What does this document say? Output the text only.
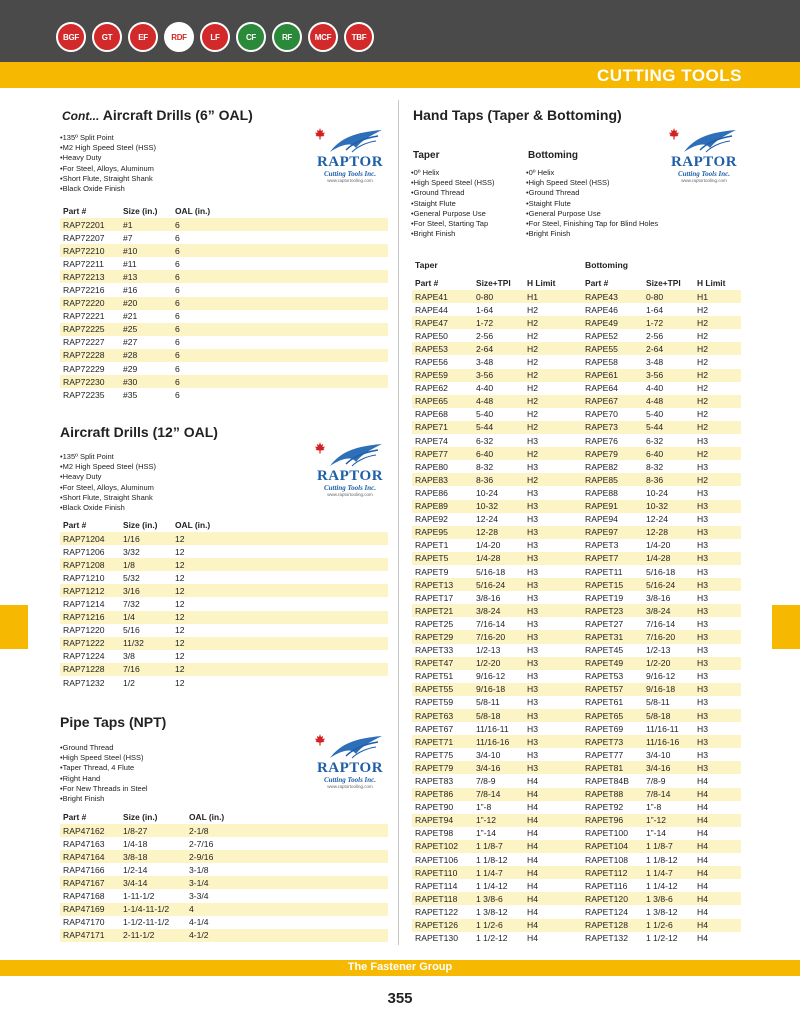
BGF	GT	EF	RDF	LF	CF	RF	MCF	TBF
CUTTING TOOLS
Cont... Aircraft Drills (6” OAL)
• 135º Split Point
• M2 High Speed Steel (HSS)
• Heavy Duty
• For Steel, Alloys, Aluminum
• Short Flute, Straight Shank
• Black Oxide Finish
RAPTOR
Cutting Tools Inc.
www.raptortooling.com
Part #	Size (in.)	OAL (in.)
RAP72201	#1	6
RAP72207	#7	6
RAP72210	#10	6
RAP72211	#11	6
RAP72213	#13	6
RAP72216	#16	6
RAP72220	#20	6
RAP72221	#21	6
RAP72225	#25	6
RAP72227	#27	6
RAP72228	#28	6
RAP72229	#29	6
RAP72230	#30	6
RAP72235	#35	6
Aircraft Drills (12” OAL)
• 135º Split Point
• M2 High Speed Steel (HSS)
• Heavy Duty
• For Steel, Alloys, Aluminum
• Short Flute, Straight Shank
• Black Oxide Finish
RAPTOR
Cutting Tools Inc.
www.raptortooling.com
Part #	Size (in.)	OAL (in.)
RAP71204	1/16	12
RAP71206	3/32	12
RAP71208	1/8	12
RAP71210	5/32	12
RAP71212	3/16	12
RAP71214	7/32	12
RAP71216	1/4	12
RAP71220	5/16	12
RAP71222	11/32	12
RAP71224	3/8	12
RAP71228	7/16	12
RAP71232	1/2	12
Pipe Taps (NPT)
• Ground Thread
• High Speed Steel (HSS)
• Taper Thread, 4 Flute
• Right Hand
• For New Threads in Steel
• Bright Finish
RAPTOR
Cutting Tools Inc.
www.raptortooling.com
Part #	Size (in.)	OAL (in.)
RAP47162	1/8-27	2-1/8
RAP47163	1/4-18	2-7/16
RAP47164	3/8-18	2-9/16
RAP47166	1/2-14	3-1/8
RAP47167	3/4-14	3-1/4
RAP47168	1-11-1/2	3-3/4
RAP47169	1-1/4-11-1/2	4
RAP47170	1-1/2-11-1/2	4-1/4
RAP47171	2-11-1/2	4-1/2
Hand Taps (Taper & Bottoming)
Taper	Bottoming
• 0º Helix
• High Speed Steel (HSS)
• Ground Thread
• Staight Flute
• General Purpose Use
• For Steel, Starting Tap
• Bright Finish
• 0º Helix
• High Speed Steel (HSS)
• Ground Thread
• Staight Flute
• General Purpose Use
• For Steel, Finishing Tap for Blind Holes
• Bright Finish
RAPTOR
Cutting Tools Inc.
www.raptortooling.com
Taper	Bottoming
Part #	Size+TPI	H Limit	Part #	Size+TPI	H Limit
RAPE41	0-80	H1	RAPE43	0-80	H1
RAPE44	1-64	H2	RAPE46	1-64	H2
RAPE47	1-72	H2	RAPE49	1-72	H2
RAPE50	2-56	H2	RAPE52	2-56	H2
RAPE53	2-64	H2	RAPE55	2-64	H2
RAPE56	3-48	H2	RAPE58	3-48	H2
RAPE59	3-56	H2	RAPE61	3-56	H2
RAPE62	4-40	H2	RAPE64	4-40	H2
RAPE65	4-48	H2	RAPE67	4-48	H2
RAPE68	5-40	H2	RAPE70	5-40	H2
RAPE71	5-44	H2	RAPE73	5-44	H2
RAPE74	6-32	H3	RAPE76	6-32	H3
RAPE77	6-40	H2	RAPE79	6-40	H2
RAPE80	8-32	H3	RAPE82	8-32	H3
RAPE83	8-36	H2	RAPE85	8-36	H2
RAPE86	10-24	H3	RAPE88	10-24	H3
RAPE89	10-32	H3	RAPE91	10-32	H3
RAPE92	12-24	H3	RAPE94	12-24	H3
RAPE95	12-28	H3	RAPE97	12-28	H3
RAPET1	1/4-20	H3	RAPET3	1/4-20	H3
RAPET5	1/4-28	H3	RAPET7	1/4-28	H3
RAPET9	5/16-18	H3	RAPET11	5/16-18	H3
RAPET13	5/16-24	H3	RAPET15	5/16-24	H3
RAPET17	3/8-16	H3	RAPET19	3/8-16	H3
RAPET21	3/8-24	H3	RAPET23	3/8-24	H3
RAPET25	7/16-14	H3	RAPET27	7/16-14	H3
RAPET29	7/16-20	H3	RAPET31	7/16-20	H3
RAPET33	1/2-13	H3	RAPET45	1/2-13	H3
RAPET47	1/2-20	H3	RAPET49	1/2-20	H3
RAPET51	9/16-12	H3	RAPET53	9/16-12	H3
RAPET55	9/16-18	H3	RAPET57	9/16-18	H3
RAPET59	5/8-11	H3	RAPET61	5/8-11	H3
RAPET63	5/8-18	H3	RAPET65	5/8-18	H3
RAPET67	11/16-11	H3	RAPET69	11/16-11	H3
RAPET71	11/16-16	H3	RAPET73	11/16-16	H3
RAPET75	3/4-10	H3	RAPET77	3/4-10	H3
RAPET79	3/4-16	H3	RAPET81	3/4-16	H3
RAPET83	7/8-9	H4	RAPET84B	7/8-9	H4
RAPET86	7/8-14	H4	RAPET88	7/8-14	H4
RAPET90	1”-8	H4	RAPET92	1”-8	H4
RAPET94	1”-12	H4	RAPET96	1”-12	H4
RAPET98	1”-14	H4	RAPET100	1”-14	H4
RAPET102	1 1/8-7	H4	RAPET104	1 1/8-7	H4
RAPET106	1 1/8-12	H4	RAPET108	1 1/8-12	H4
RAPET110	1 1/4-7	H4	RAPET112	1 1/4-7	H4
RAPET114	1 1/4-12	H4	RAPET116	1 1/4-12	H4
RAPET118	1 3/8-6	H4	RAPET120	1 3/8-6	H4
RAPET122	1 3/8-12	H4	RAPET124	1 3/8-12	H4
RAPET126	1 1/2-6	H4	RAPET128	1 1/2-6	H4
RAPET130	1 1/2-12	H4	RAPET132	1 1/2-12	H4
The Fastener Group
355
